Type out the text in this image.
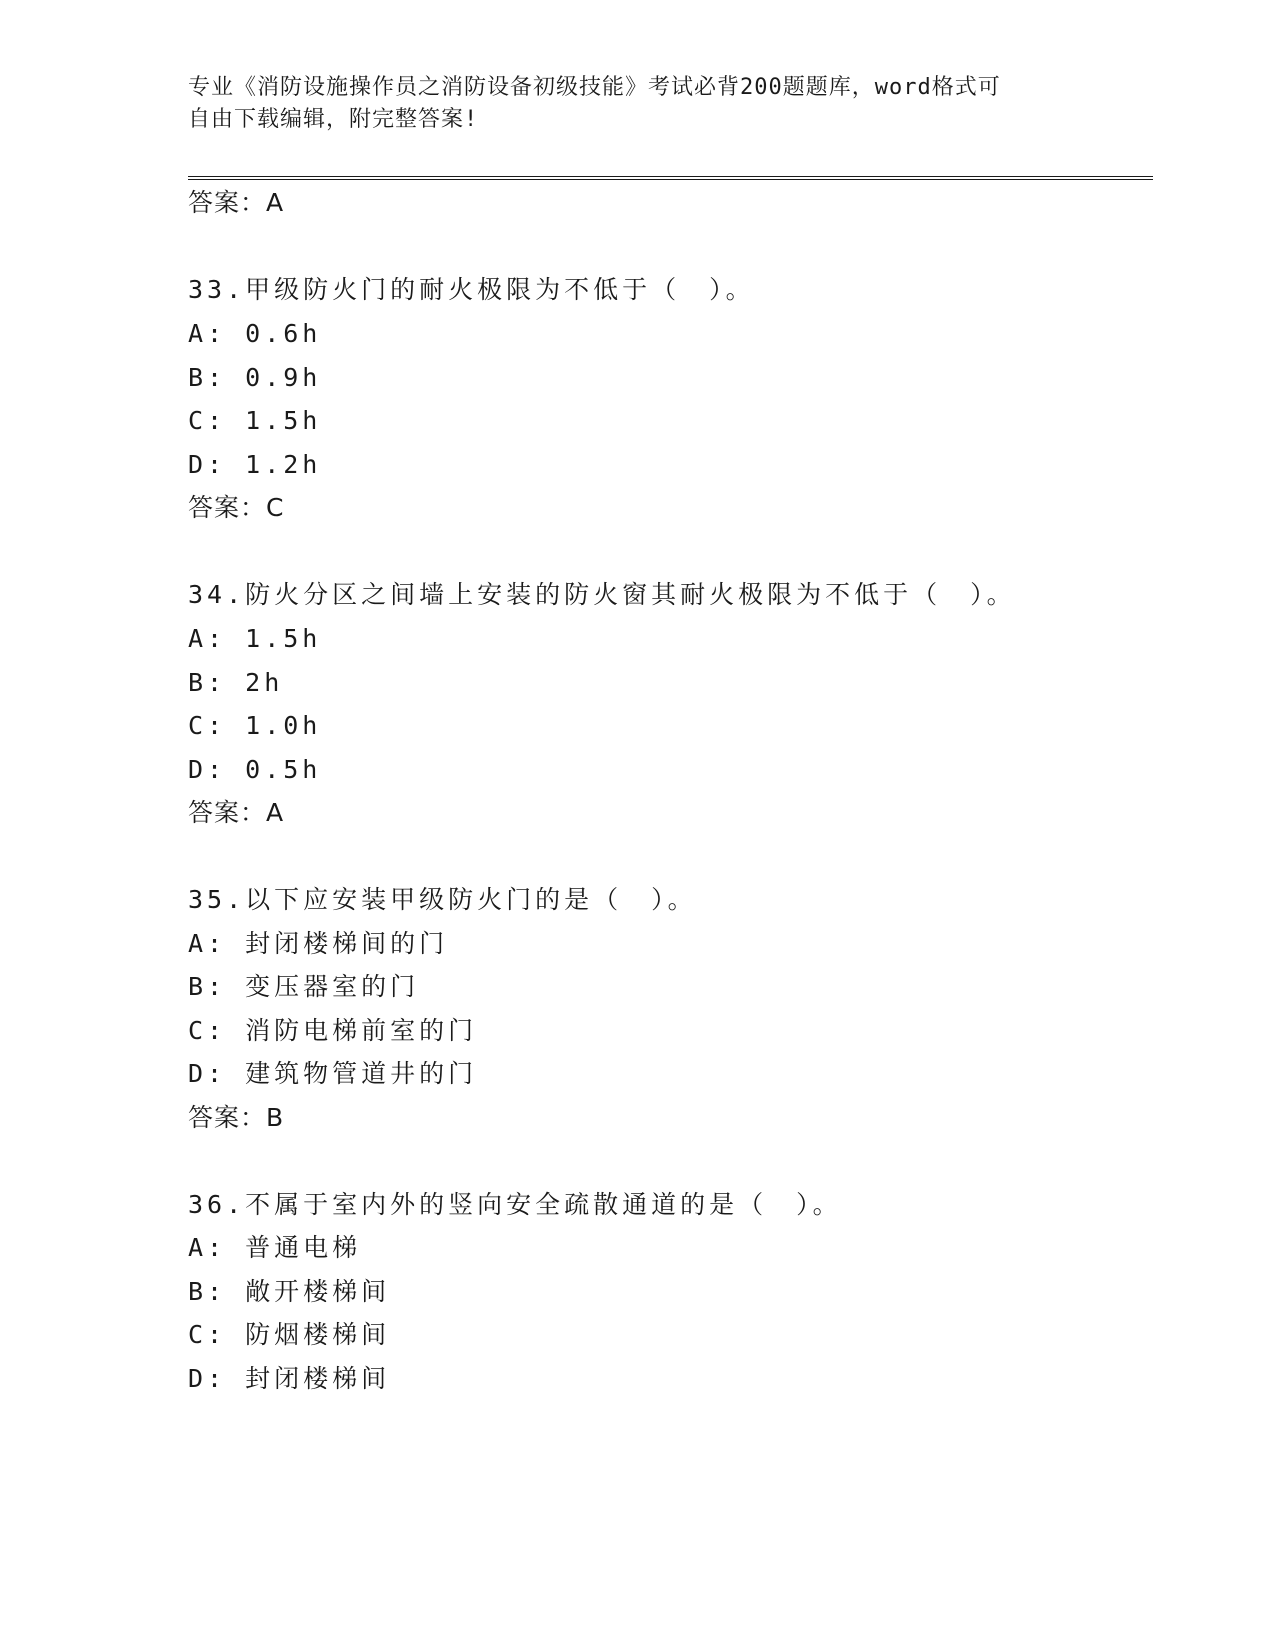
专业《消防设施操作员之消防设备初级技能》考试必背200题题库，word格式可
自由下载编辑，附完整答案!
答案：A
33.甲级防火门的耐火极限为不低于（　）。
A: 0.6h
B: 0.9h
C: 1.5h
D: 1.2h
答案：C
34.防火分区之间墙上安装的防火窗其耐火极限为不低于（　）。
A: 1.5h
B: 2h
C: 1.0h
D: 0.5h
答案：A
35.以下应安装甲级防火门的是（　）。
A: 封闭楼梯间的门
B: 变压器室的门
C: 消防电梯前室的门
D: 建筑物管道井的门
答案：B
36.不属于室内外的竖向安全疏散通道的是（　）。
A: 普通电梯
B: 敞开楼梯间
C: 防烟楼梯间
D: 封闭楼梯间
